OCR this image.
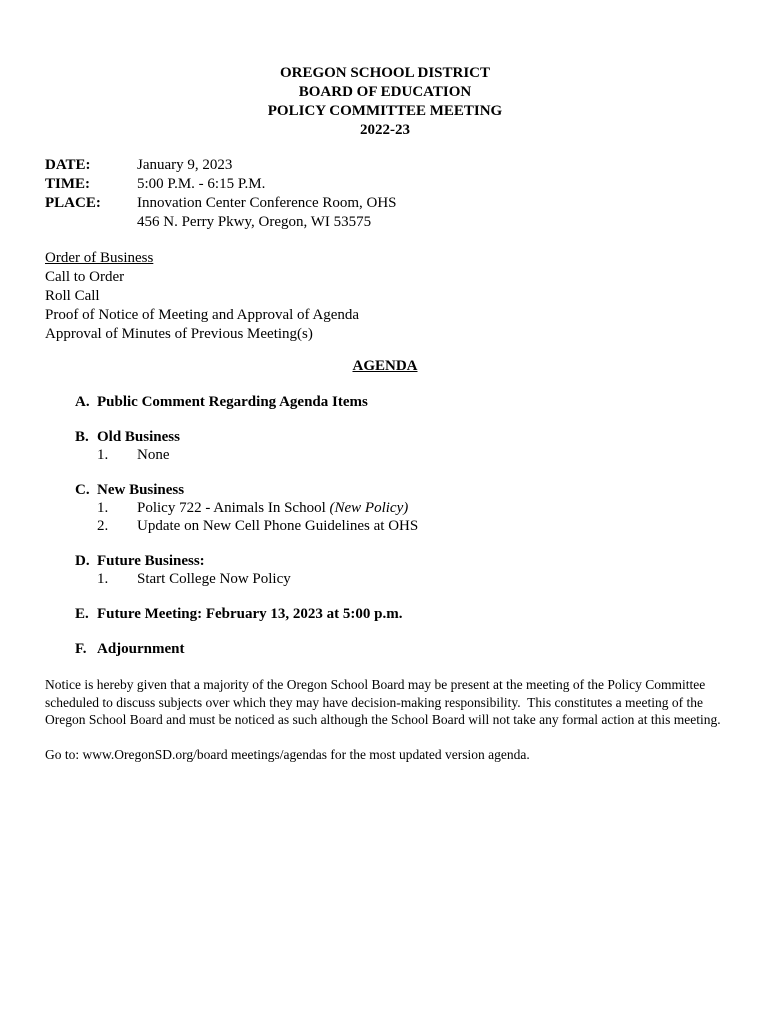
OREGON SCHOOL DISTRICT
BOARD OF EDUCATION
POLICY COMMITTEE MEETING
2022-23
DATE:	January 9, 2023
TIME:	5:00 P.M. - 6:15 P.M.
PLACE:	Innovation Center Conference Room, OHS
456 N. Perry Pkwy, Oregon, WI 53575
Order of Business
Call to Order
Roll Call
Proof of Notice of Meeting and Approval of Agenda
Approval of Minutes of Previous Meeting(s)
AGENDA
A. Public Comment Regarding Agenda Items
B. Old Business
1.	None
C. New Business
1.	Policy 722 - Animals In School (New Policy)
2.	Update on New Cell Phone Guidelines at OHS
D. Future Business:
1.	Start College Now Policy
E. Future Meeting: February 13, 2023 at 5:00 p.m.
F. Adjournment

Notice is hereby given that a majority of the Oregon School Board may be present at the meeting of the Policy Committee scheduled to discuss subjects over which they may have decision-making responsibility.  This constitutes a meeting of the Oregon School Board and must be noticed as such although the School Board will not take any formal action at this meeting.

Go to: www.OregonSD.org/board meetings/agendas for the most updated version agenda.
